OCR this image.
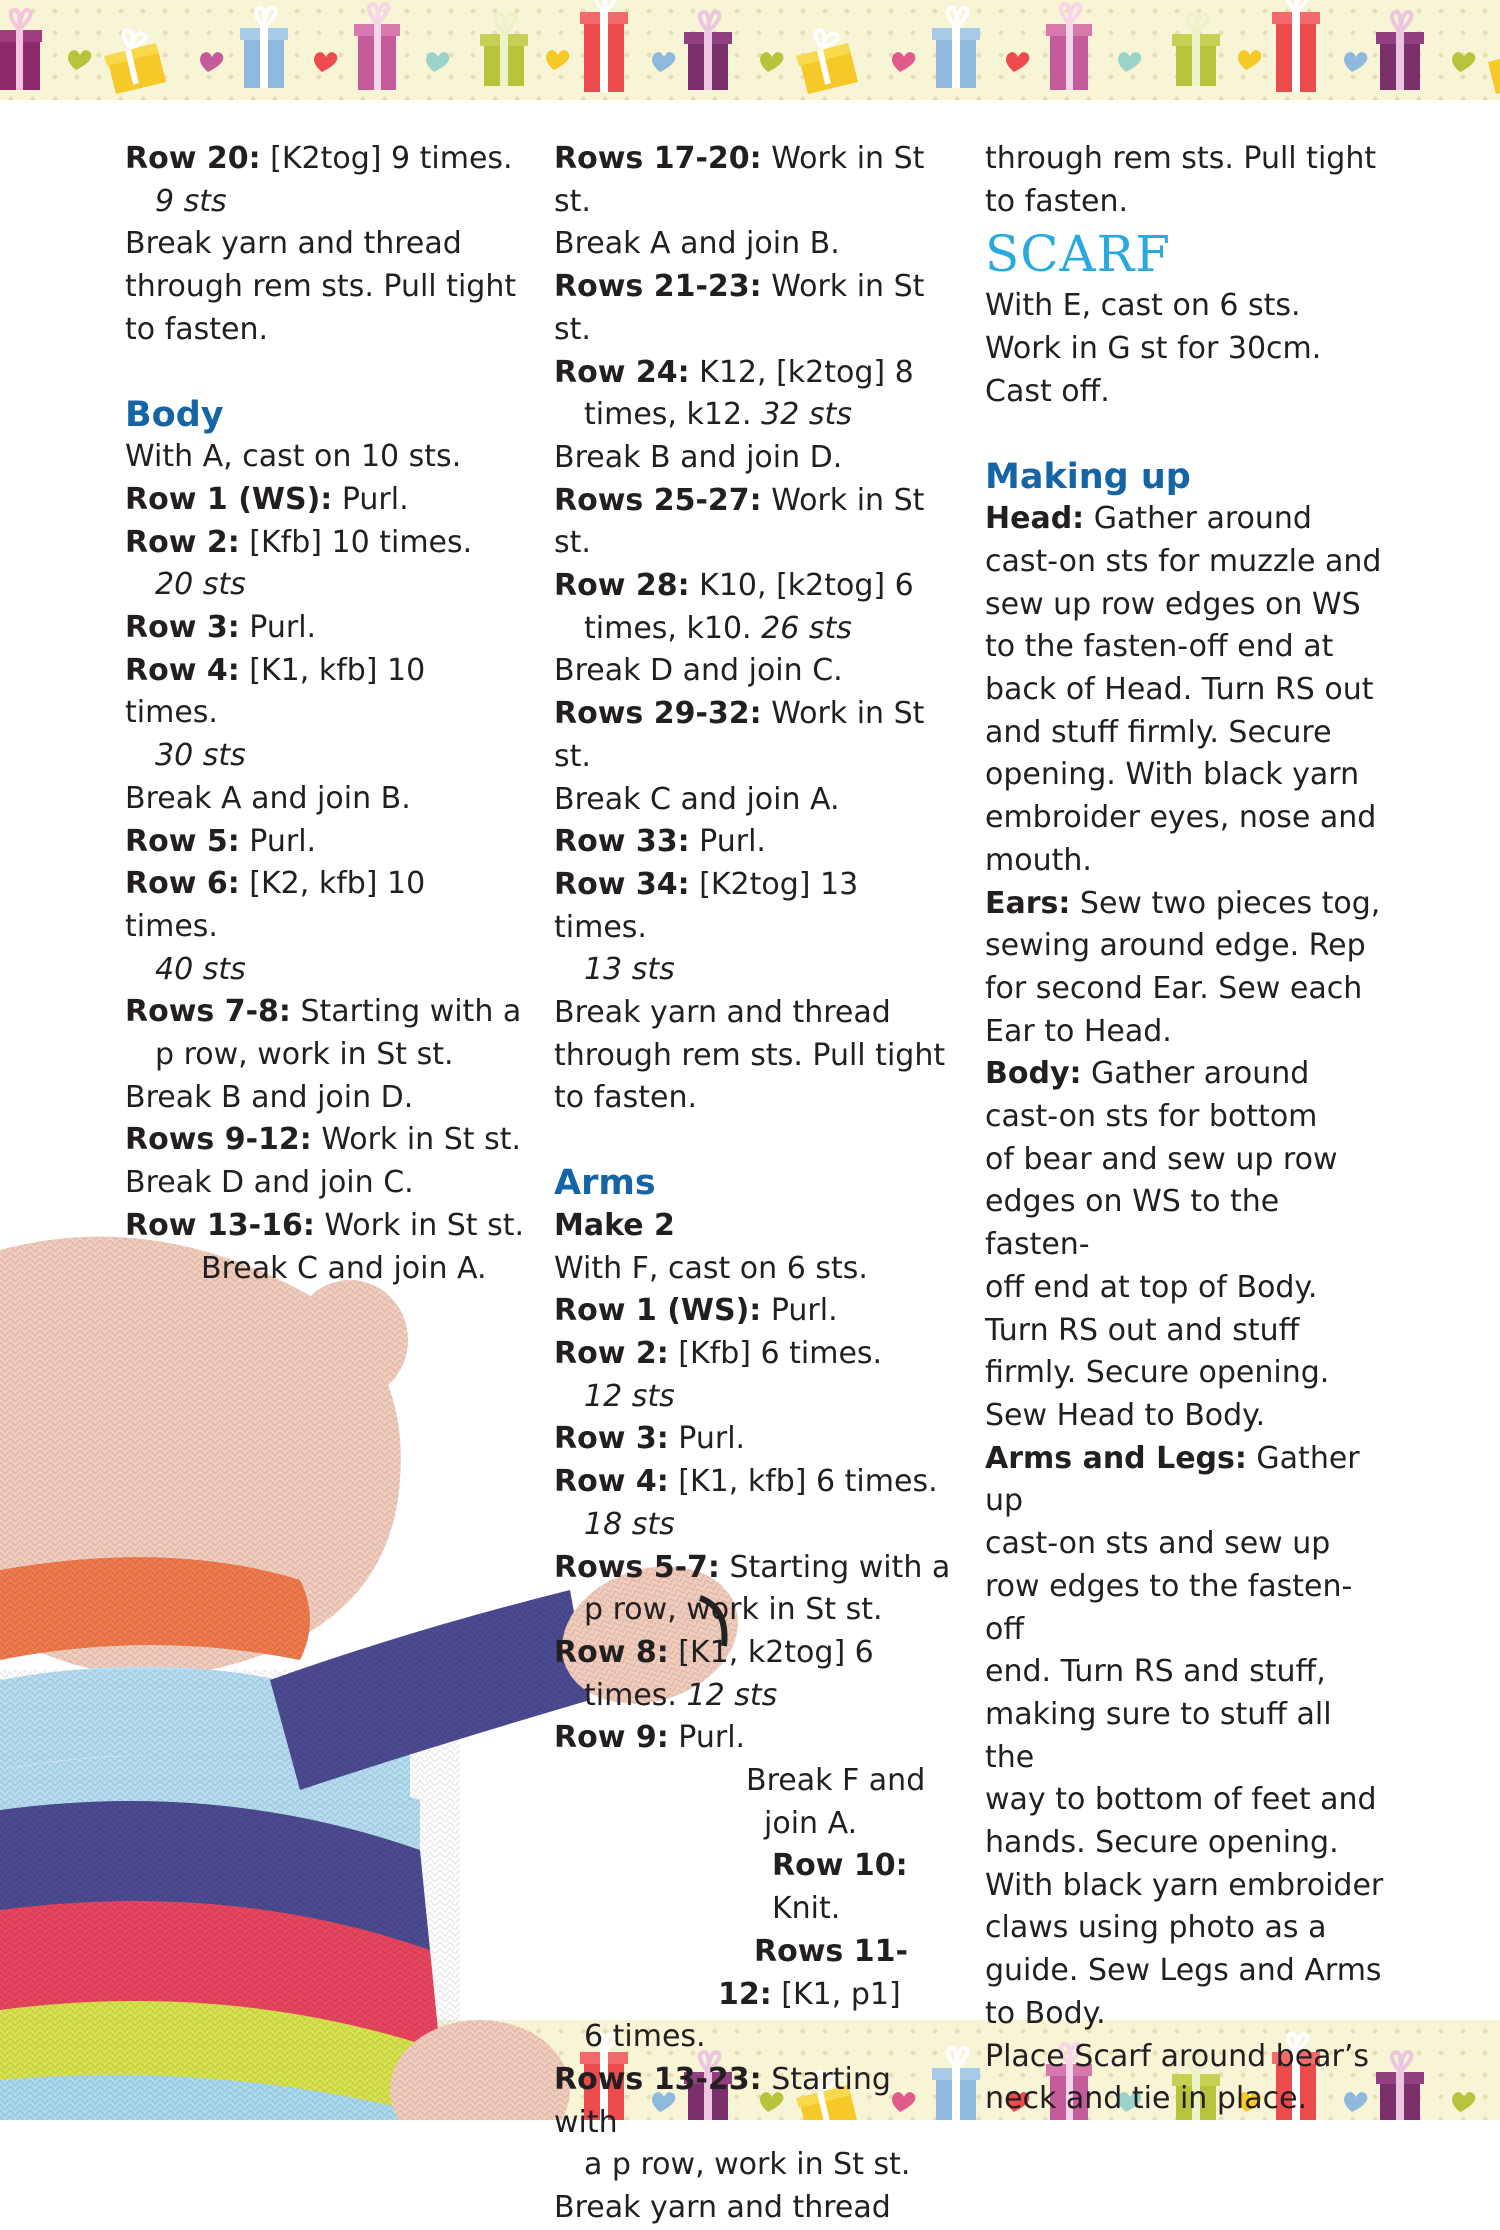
Row 20: [K2tog] 9 times.

9 sts

Break yarn and thread

through rem sts. Pull tight

to fasten.

Body

With A, cast on 10 sts.

Row 1 (WS): Purl.

Row 2: [Kfb] 10 times.

20 sts

Row 3: Purl.

Row 4: [K1, kfb] 10 times.

30 sts

Break A and join B.

Row 5: Purl.

Row 6: [K2, kfb] 10 times.

40 sts

Rows 7-8: Starting with a

p row, work in St st.

Break B and join D.

Rows 9-12: Work in St st.

Break D and join C.

Row 13-16: Work in St st.

Break C and join A.

Rows 17-20: Work in St st.

Break A and join B.

Rows 21-23: Work in St st.

Row 24: K12, [k2tog] 8

times, k12. 32 sts

Break B and join D.

Rows 25-27: Work in St st.

Row 28: K10, [k2tog] 6

times, k10. 26 sts

Break D and join C.

Rows 29-32: Work in St st.

Break C and join A.

Row 33: Purl.

Row 34: [K2tog] 13 times.

13 sts

Break yarn and thread

through rem sts. Pull tight

to fasten.

Arms

Make 2

With F, cast on 6 sts.

Row 1 (WS): Purl.

Row 2: [Kfb] 6 times.

12 sts

Row 3: Purl.

Row 4: [K1, kfb] 6 times.

18 sts

Rows 5-7: Starting with a

p row, work in St st.

Row 8: [K1, k2tog] 6

times. 12 sts

Row 9: Purl.

Break F and

join A.

Row 10:

Knit.

Rows 11-

12: [K1, p1]

6 times.

Rows 13-23: Starting with

a p row, work in St st.

Break yarn and thread

through rem sts. Pull tight

to fasten.

SCARF

With E, cast on 6 sts.

Work in G st for 30cm.

Cast off.

Making up

Head: Gather around

cast-on sts for muzzle and

sew up row edges on WS

to the fasten-off end at

back of Head. Turn RS out

and stuff firmly. Secure

opening. With black yarn

embroider eyes, nose and

mouth.

Ears: Sew two pieces tog,

sewing around edge. Rep

for second Ear. Sew each

Ear to Head.

Body: Gather around

cast-on sts for bottom

of bear and sew up row

edges on WS to the fasten-

off end at top of Body.

Turn RS out and stuff

firmly. Secure opening.

Sew Head to Body.

Arms and Legs: Gather up

cast-on sts and sew up

row edges to the fasten-off

end. Turn RS and stuff,

making sure to stuff all the

way to bottom of feet and

hands. Secure opening.

With black yarn embroider

claws using photo as a

guide. Sew Legs and Arms

to Body.

Place Scarf around bear’s

neck and tie in place.
